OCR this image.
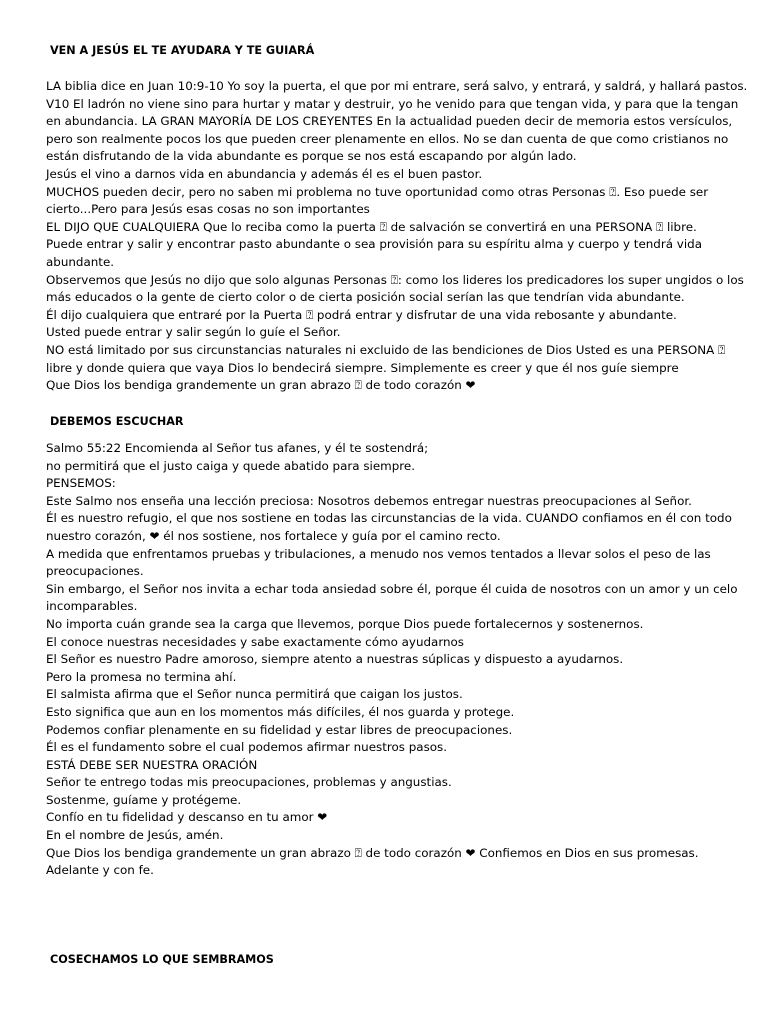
VEN A JESÚS EL TE AYUDARA Y TE GUIARÁ
LA biblia dice en Juan 10:9-10 Yo soy la puerta, el que por mi entrare, será salvo, y entrará, y saldrá, y hallará pastos.
V10 El ladrón no viene sino para hurtar y matar y destruir, yo he venido para que tengan vida, y para que la tengan
en abundancia. LA GRAN MAYORÍA DE LOS CREYENTES En la actualidad pueden decir de memoria estos versículos,
pero son realmente pocos los que pueden creer plenamente en ellos. No se dan cuenta de que como cristianos no
están disfrutando de la vida abundante es porque se nos está escapando por algún lado.
Jesús el vino a darnos vida en abundancia y además él es el buen pastor.
MUCHOS pueden decir, pero no saben mi problema no tuve oportunidad como otras Personas ⍰. Eso puede ser
cierto...Pero para Jesús esas cosas no son importantes
EL DIJO QUE CUALQUIERA Que lo reciba como la puerta ⍰ de salvación se convertirá en una PERSONA ⍰ libre.
Puede entrar y salir y encontrar pasto abundante o sea provisión para su espíritu alma y cuerpo y tendrá vida
abundante.
Observemos que Jesús no dijo que solo algunas Personas ⍰: como los lideres los predicadores los super ungidos o los
más educados o la gente de cierto color o de cierta posición social serían las que tendrían vida abundante.
Él dijo cualquiera que entraré por la Puerta ⍰ podrá entrar y disfrutar de una vida rebosante y abundante.
Usted puede entrar y salir según lo guíe el Señor.
NO está limitado por sus circunstancias naturales ni excluido de las bendiciones de Dios Usted es una PERSONA ⍰
libre y donde quiera que vaya Dios lo bendecirá siempre. Simplemente es creer y que él nos guíe siempre
Que Dios los bendiga grandemente un gran abrazo ⍰ de todo corazón ❤
DEBEMOS ESCUCHAR
Salmo 55:22 Encomienda al Señor tus afanes, y él te sostendrá;
no permitirá que el justo caiga y quede abatido para siempre.
PENSEMOS:
Este Salmo nos enseña una lección preciosa: Nosotros debemos entregar nuestras preocupaciones al Señor.
Él es nuestro refugio, el que nos sostiene en todas las circunstancias de la vida. CUANDO confiamos en él con todo
nuestro corazón, ❤ él nos sostiene, nos fortalece y guía por el camino recto.
A medida que enfrentamos pruebas y tribulaciones, a menudo nos vemos tentados a llevar solos el peso de las
preocupaciones.
Sin embargo, el Señor nos invita a echar toda ansiedad sobre él, porque él cuida de nosotros con un amor y un celo
incomparables.
No importa cuán grande sea la carga que llevemos, porque Dios puede fortalecernos y sostenernos.
El conoce nuestras necesidades y sabe exactamente cómo ayudarnos
El Señor es nuestro Padre amoroso, siempre atento a nuestras súplicas y dispuesto a ayudarnos.
Pero la promesa no termina ahí.
El salmista afirma que el Señor nunca permitirá que caigan los justos.
Esto significa que aun en los momentos más difíciles, él nos guarda y protege.
Podemos confiar plenamente en su fidelidad y estar libres de preocupaciones.
Él es el fundamento sobre el cual podemos afirmar nuestros pasos.
ESTÁ DEBE SER NUESTRA ORACIÓN
Señor te entrego todas mis preocupaciones, problemas y angustias.
Sostenme, guíame y protégeme.
Confío en tu fidelidad y descanso en tu amor ❤
En el nombre de Jesús, amén.
Que Dios los bendiga grandemente un gran abrazo ⍰ de todo corazón ❤ Confiemos en Dios en sus promesas.
Adelante y con fe.
COSECHAMOS LO QUE SEMBRAMOS
